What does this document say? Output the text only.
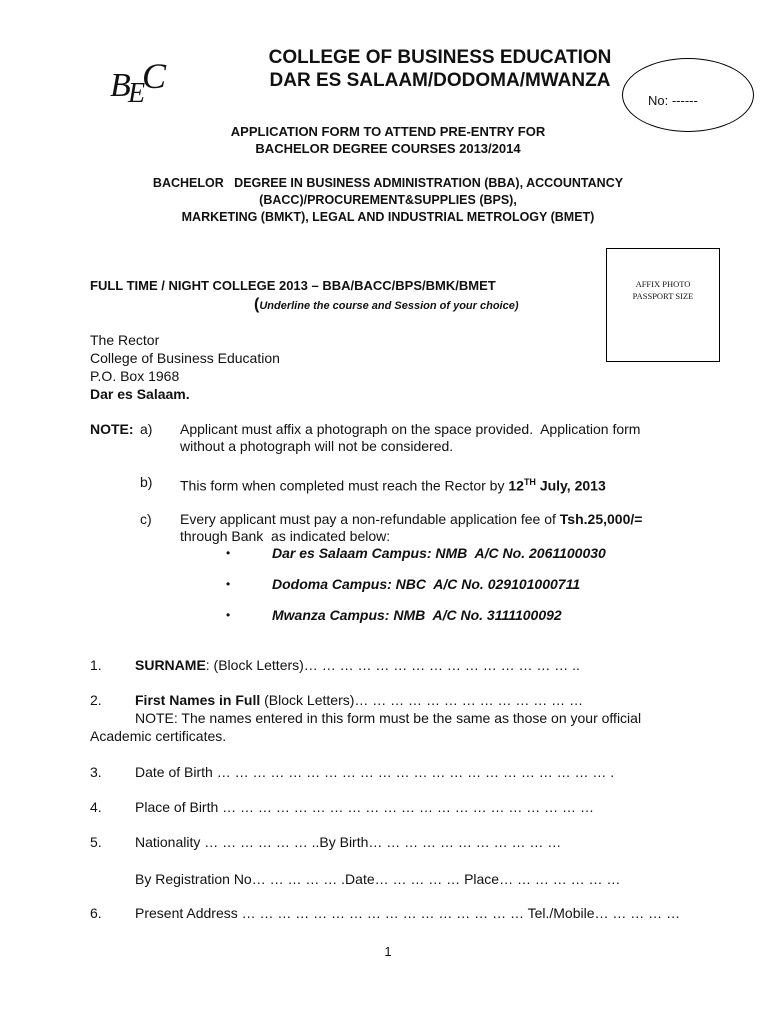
B
E
C	COLLEGE OF BUSINESS EDUCATION
DAR ES SALAAM/DODOMA/MWANZA
No: ------
APPLICATION FORM TO ATTEND PRE-ENTRY FOR
BACHELOR DEGREE COURSES 2013/2014
BACHELOR   DEGREE IN BUSINESS ADMINISTRATION (BBA), ACCOUNTANCY
(BACC)/PROCUREMENT&SUPPLIES (BPS),
MARKETING (BMKT), LEGAL AND INDUSTRIAL METROLOGY (BMET)
FULL TIME / NIGHT COLLEGE 2013 – BBA/BACC/BPS/BMK/BMET
(Underline the course and Session of your choice)
AFFIX PHOTO
PASSPORT SIZE
The Rector
College of Business Education
P.O. Box 1968
Dar es Salaam.
NOTE: a) Applicant must affix a photograph on the space provided.  Application form
without a photograph will not be considered.
b) This form when completed must reach the Rector by 12TH July, 2013
c) Every applicant must pay a non-refundable application fee of Tsh.25,000/=
through Bank  as indicated below:
•	Dar es Salaam Campus: NMB  A/C No. 2061100030
•	Dodoma Campus: NBC  A/C No. 029101000711
•	Mwanza Campus: NMB  A/C No. 3111100092
1. SURNAME: (Block Letters)… … … … … … … … … … … … … … … ..
2. First Names in Full (Block Letters)… … … … … … … … … … … … …
NOTE: The names entered in this form must be the same as those on your official
Academic certificates.
3. Date of Birth … … … … … … … … … … … … … … … … … … … … … … .
4. Place of Birth … … … … … … … … … … … … … … … … … … … … …
5. Nationality … … … … … … ..By Birth… … … … … … … … … … …
By Registration No… … … … … .Date… … … … … Place… … … … … … …
6. Present Address … … … … … … … … … … … … … … … … Tel./Mobile… … … … …
1
